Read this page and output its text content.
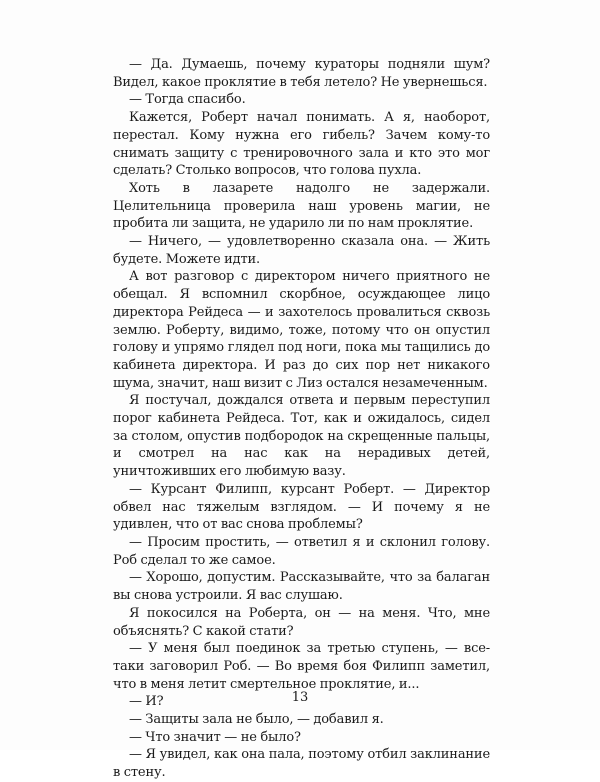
— Да. Думаешь, почему кураторы подняли шум? Видел, какое проклятие в тебя летело? Не увернешься.

— Тогда спасибо.

Кажется, Роберт начал понимать. А я, наоборот, перестал. Кому нужна его гибель? Зачем кому-то снимать защиту с тренировочного зала и кто это мог сделать? Столько вопросов, что голова пухла.

Хоть в лазарете надолго не задержали. Целительница проверила наш уровень магии, не пробита ли защита, не ударило ли по нам проклятие.

— Ничего, — удовлетворенно сказала она. — Жить будете. Можете идти.

А вот разговор с директором ничего приятного не обещал. Я вспомнил скорбное, осуждающее лицо директора Рейдеса — и захотелось провалиться сквозь землю. Роберту, видимо, тоже, потому что он опустил голову и упрямо глядел под ноги, пока мы тащились до кабинета директора. И раз до сих пор нет никакого шума, значит, наш визит с Лиз остался незамеченным.

Я постучал, дождался ответа и первым переступил порог кабинета Рейдеса. Тот, как и ожидалось, сидел за столом, опустив подбородок на скрещенные пальцы, и смотрел на нас как на нерадивых детей, уничтоживших его любимую вазу.

— Курсант Филипп, курсант Роберт. — Директор обвел нас тяжелым взглядом. — И почему я не удивлен, что от вас снова проблемы?

— Просим простить, — ответил я и склонил голову. Роб сделал то же самое.

— Хорошо, допустим. Рассказывайте, что за балаган вы снова устроили. Я вас слушаю.

Я покосился на Роберта, он — на меня. Что, мне объяснять? С какой стати?

— У меня был поединок за третью ступень, — все-таки заговорил Роб. — Во время боя Филипп заметил, что в меня летит смертельное проклятие, и...

— И?

— Защиты зала не было, — добавил я.

— Что значит — не было?

— Я увидел, как она пала, поэтому отбил заклинание в стену.

13
